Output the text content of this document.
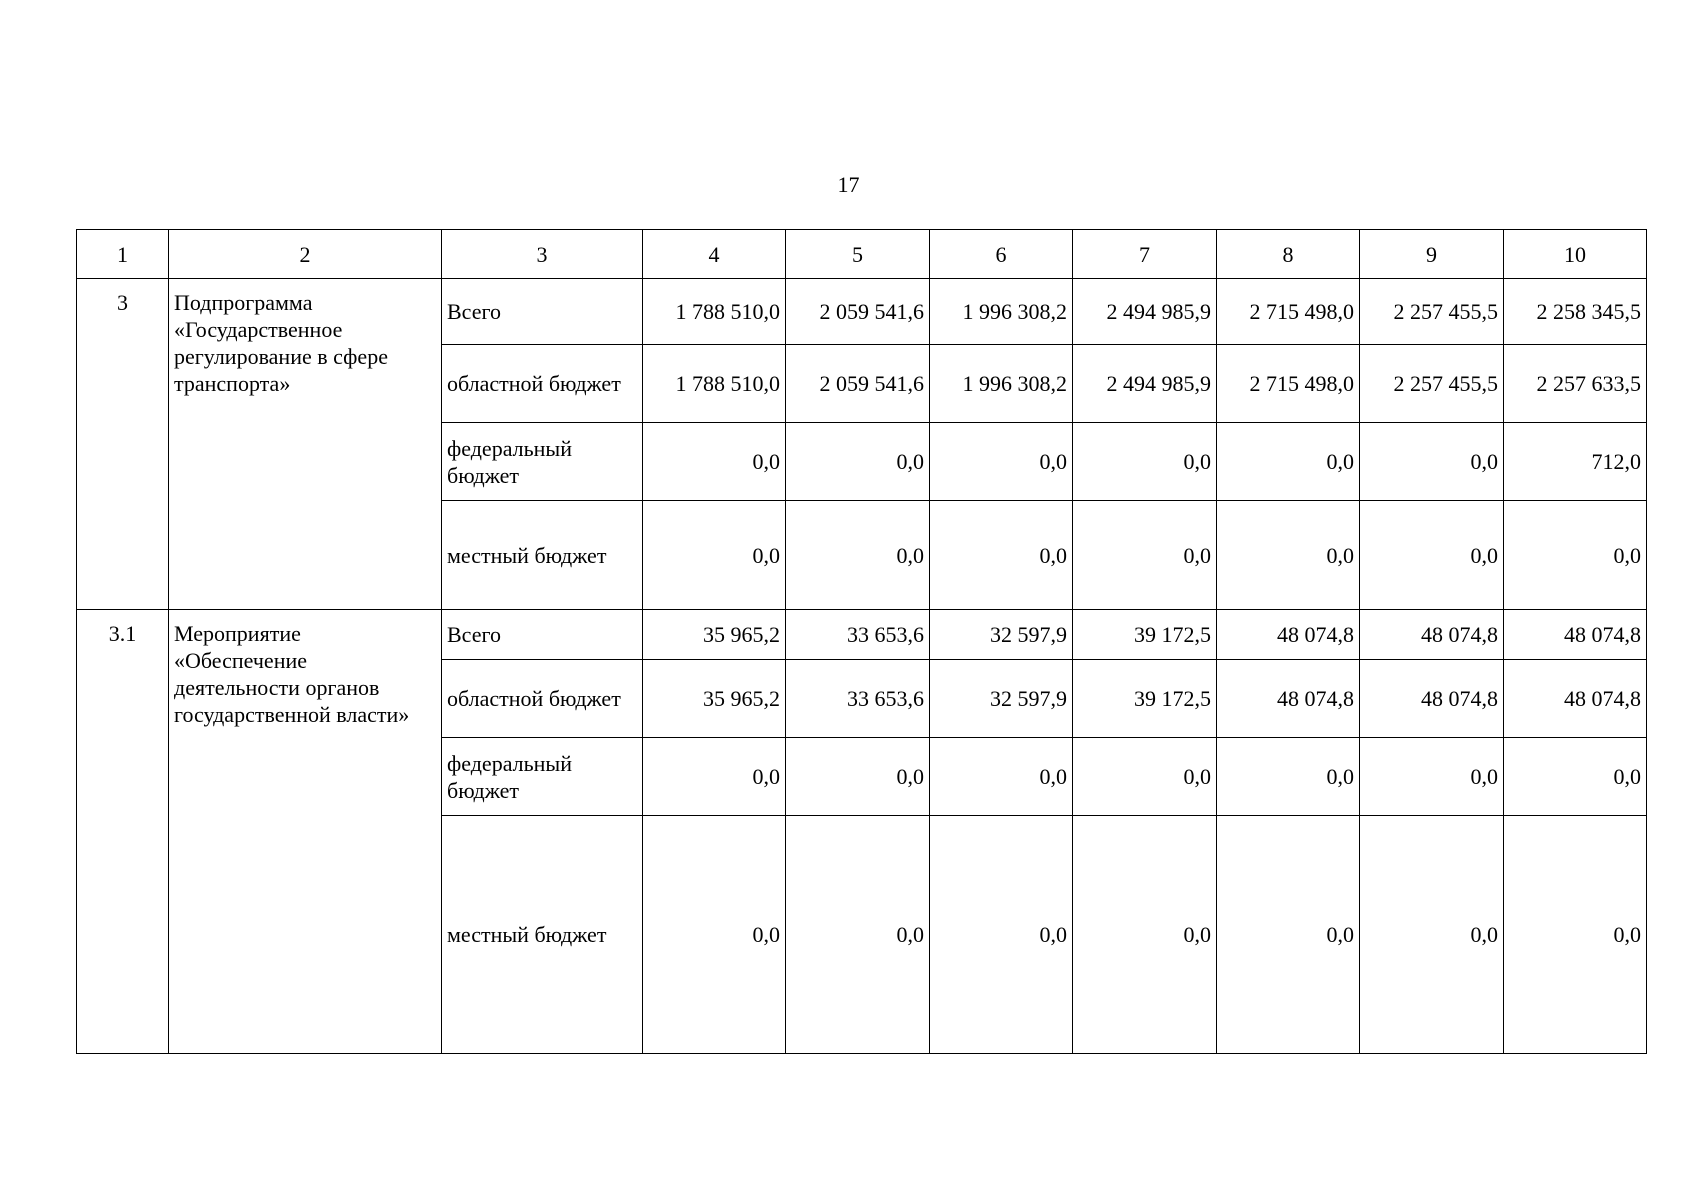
17
1	2	3	4	5	6	7	8	9	10
3	Подпрограмма «Государственное регулирование в сфере транспорта»	Всего	1 788 510,0	2 059 541,6	1 996 308,2	2 494 985,9	2 715 498,0	2 257 455,5	2 258 345,5
		областной бюджет	1 788 510,0	2 059 541,6	1 996 308,2	2 494 985,9	2 715 498,0	2 257 455,5	2 257 633,5
		федеральный бюджет	0,0	0,0	0,0	0,0	0,0	0,0	712,0
		местный бюджет	0,0	0,0	0,0	0,0	0,0	0,0	0,0
3.1	Мероприятие «Обеспечение деятельности органов государственной власти»	Всего	35 965,2	33 653,6	32 597,9	39 172,5	48 074,8	48 074,8	48 074,8
		областной бюджет	35 965,2	33 653,6	32 597,9	39 172,5	48 074,8	48 074,8	48 074,8
		федеральный бюджет	0,0	0,0	0,0	0,0	0,0	0,0	0,0
		местный бюджет	0,0	0,0	0,0	0,0	0,0	0,0	0,0
